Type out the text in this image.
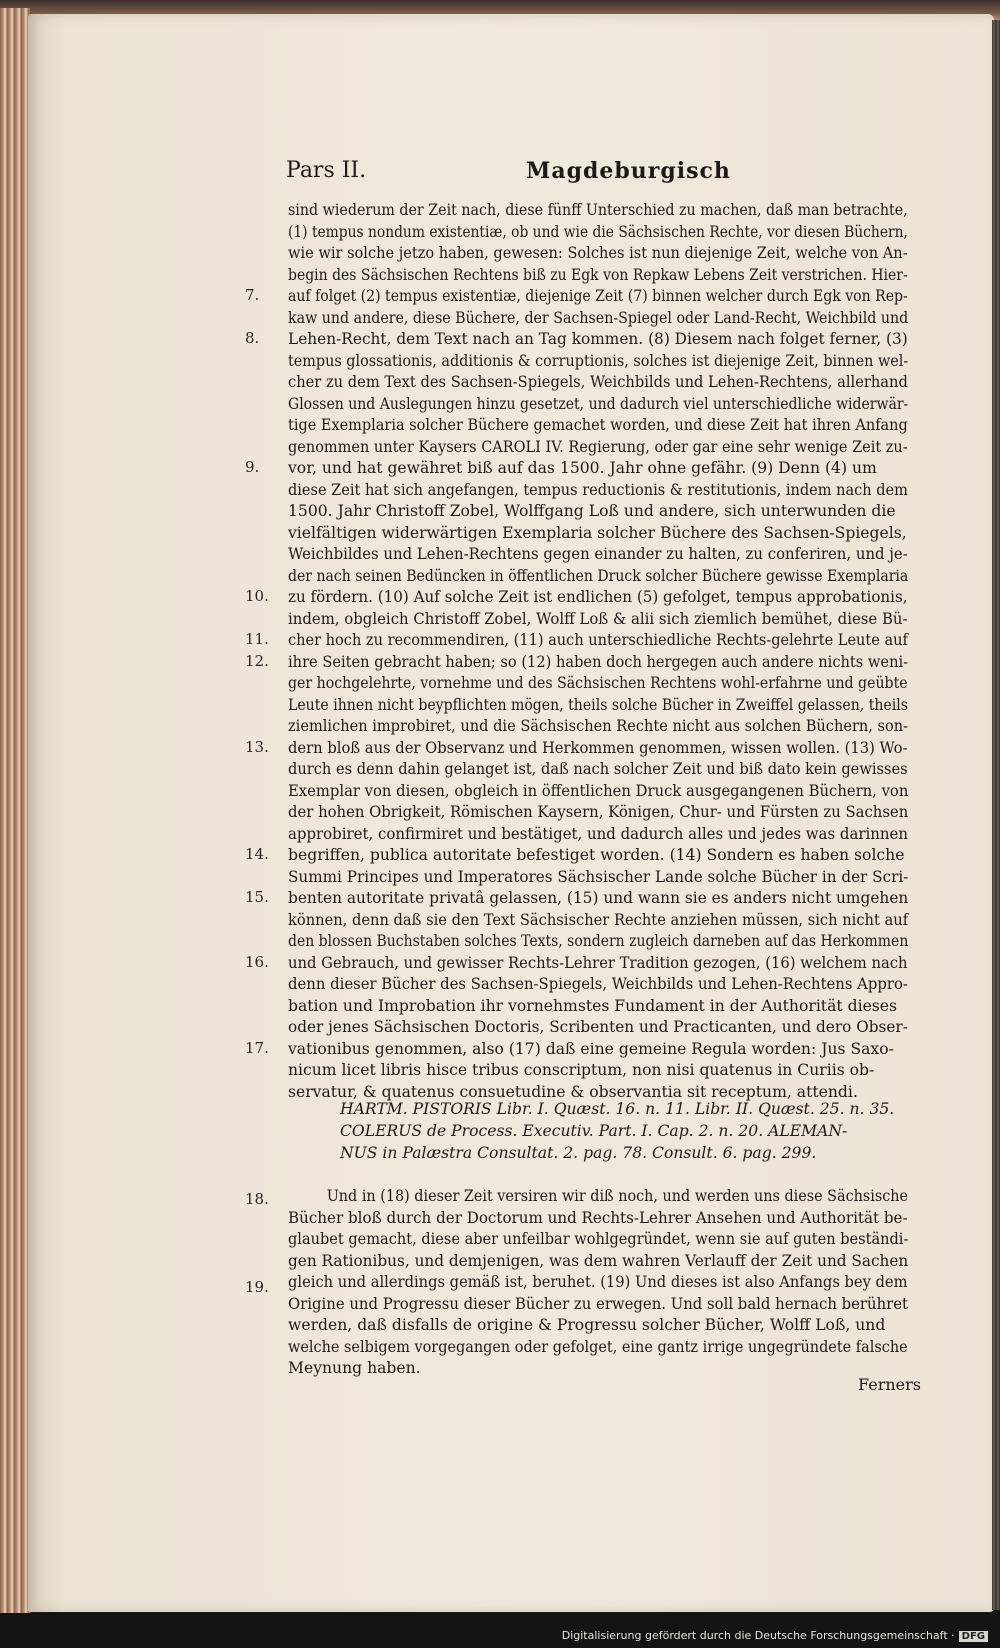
Pars II.	Magdeburgisch
sind wiederum der Zeit nach, diese fünff Unterschied zu machen, daß man betrachte,
(1) tempus nondum existentiæ, ob und wie die Sächsischen Rechte, vor diesen Büchern,
wie wir solche jetzo haben, gewesen: Solches ist nun diejenige Zeit, welche von An-
begin des Sächsischen Rechtens biß zu Egk von Repkaw Lebens Zeit verstrichen. Hier-
auf folget (2) tempus existentiæ, diejenige Zeit (7) binnen welcher durch Egk von Rep-
kaw und andere, diese Büchere, der Sachsen-Spiegel oder Land-Recht, Weichbild und
Lehen-Recht, dem Text nach an Tag kommen. (8) Diesem nach folget ferner, (3)
tempus glossationis, additionis & corruptionis, solches ist diejenige Zeit, binnen wel-
cher zu dem Text des Sachsen-Spiegels, Weichbilds und Lehen-Rechtens, allerhand
Glossen und Auslegungen hinzu gesetzet, und dadurch viel unterschiedliche widerwär-
tige Exemplaria solcher Büchere gemachet worden, und diese Zeit hat ihren Anfang
genommen unter Kaysers CAROLI IV. Regierung, oder gar eine sehr wenige Zeit zu-
vor, und hat gewähret biß auf das 1500. Jahr ohne gefähr. (9) Denn (4) um
diese Zeit hat sich angefangen, tempus reductionis & restitutionis, indem nach dem
1500. Jahr Christoff Zobel, Wolffgang Loß und andere, sich unterwunden die
vielfältigen widerwärtigen Exemplaria solcher Büchere des Sachsen-Spiegels,
Weichbildes und Lehen-Rechtens gegen einander zu halten, zu conferiren, und je-
der nach seinen Bedüncken in öffentlichen Druck solcher Büchere gewisse Exemplaria
zu fördern. (10) Auf solche Zeit ist endlichen (5) gefolget, tempus approbationis,
indem, obgleich Christoff Zobel, Wolff Loß & alii sich ziemlich bemühet, diese Bü-
cher hoch zu recommendiren, (11) auch unterschiedliche Rechts-gelehrte Leute auf
ihre Seiten gebracht haben; so (12) haben doch hergegen auch andere nichts weni-
ger hochgelehrte, vornehme und des Sächsischen Rechtens wohl-erfahrne und geübte
Leute ihnen nicht beypflichten mögen, theils solche Bücher in Zweiffel gelassen, theils
ziemlichen improbiret, und die Sächsischen Rechte nicht aus solchen Büchern, son-
dern bloß aus der Observanz und Herkommen genommen, wissen wollen. (13) Wo-
durch es denn dahin gelanget ist, daß nach solcher Zeit und biß dato kein gewisses
Exemplar von diesen, obgleich in öffentlichen Druck ausgegangenen Büchern, von
der hohen Obrigkeit, Römischen Kaysern, Königen, Chur- und Fürsten zu Sachsen
approbiret, confirmiret und bestätiget, und dadurch alles und jedes was darinnen
begriffen, publica autoritate befestiget worden. (14) Sondern es haben solche
Summi Principes und Imperatores Sächsischer Lande solche Bücher in der Scri-
benten autoritate privatâ gelassen, (15) und wann sie es anders nicht umgehen
können, denn daß sie den Text Sächsischer Rechte anziehen müssen, sich nicht auf
den blossen Buchstaben solches Texts, sondern zugleich darneben auf das Herkommen
und Gebrauch, und gewisser Rechts-Lehrer Tradition gezogen, (16) welchem nach
denn dieser Bücher des Sachsen-Spiegels, Weichbilds und Lehen-Rechtens Appro-
bation und Improbation ihr vornehmstes Fundament in der Authorität dieses
oder jenes Sächsischen Doctoris, Scribenten und Practicanten, und dero Obser-
vationibus genommen, also (17) daß eine gemeine Regula worden: Jus Saxo-
nicum licet libris hisce tribus conscriptum, non nisi quatenus in Curiis ob-
servatur, & quatenus consuetudine & observantia sit receptum, attendi.
7.
8.
9.
10.
11.
12.
13.
14.
15.
16.
17.
18.
19.
HARTM. PISTORIS Libr. I. Quæst. 16. n. 11. Libr. II. Quæst. 25. n. 35.
COLERUS de Process. Executiv. Part. I. Cap. 2. n. 20. ALEMAN-
NUS in Palæstra Consultat. 2. pag. 78. Consult. 6. pag. 299.
Und in (18) dieser Zeit versiren wir diß noch, und werden uns diese Sächsische
Bücher bloß durch der Doctorum und Rechts-Lehrer Ansehen und Authorität be-
glaubet gemacht, diese aber unfeilbar wohlgegründet, wenn sie auf guten beständi-
gen Rationibus, und demjenigen, was dem wahren Verlauff der Zeit und Sachen
gleich und allerdings gemäß ist, beruhet. (19) Und dieses ist also Anfangs bey dem
Origine und Progressu dieser Bücher zu erwegen. Und soll bald hernach berühret
werden, daß disfalls de origine & Progressu solcher Bücher, Wolff Loß, und
welche selbigem vorgegangen oder gefolget, eine gantz irrige ungegründete falsche
Meynung haben.
Ferners
Digitalisierung gefördert durch die Deutsche Forschungsgemeinschaft · DFG
